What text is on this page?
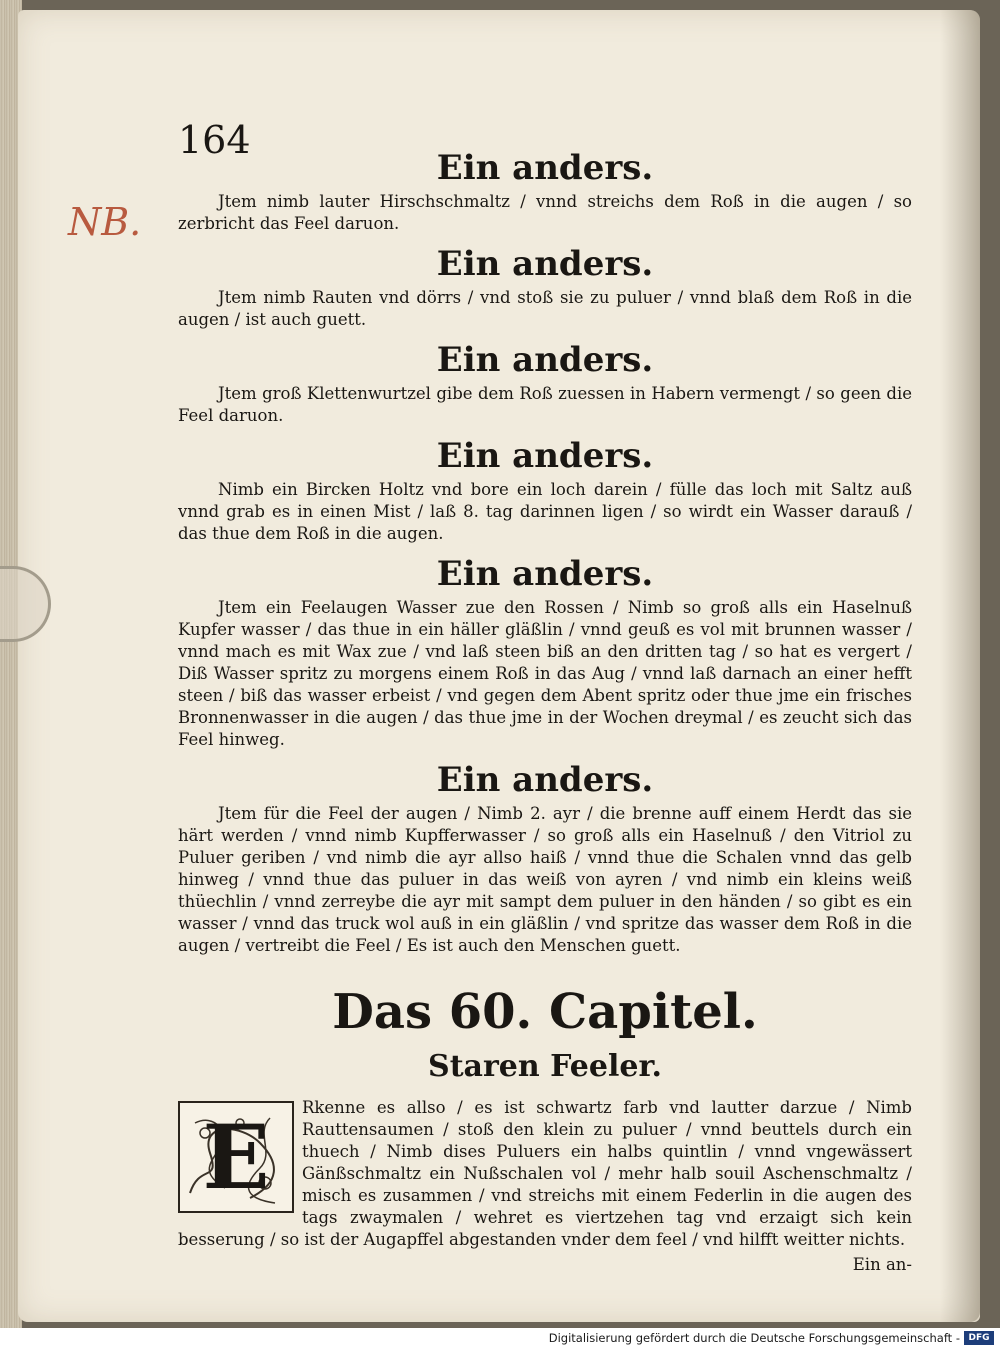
164
NB.
Ein anders.

Jtem nimb lauter Hirschschmaltz / vnnd streichs dem Roß in die augen / so zerbricht das Feel daruon.

Ein anders.

Jtem nimb Rauten vnd dörrs / vnd stoß sie zu puluer / vnnd blaß dem Roß in die augen / ist auch guett.

Ein anders.

Jtem groß Klettenwurtzel gibe dem Roß zuessen in Habern vermengt / so geen die Feel daruon.

Ein anders.

Nimb ein Bircken Holtz vnd bore ein loch darein / fülle das loch mit Saltz auß vnnd grab es in einen Mist / laß 8. tag darinnen ligen / so wirdt ein Wasser darauß / das thue dem Roß in die augen.

Ein anders.

Jtem ein Feelaugen Wasser zue den Rossen / Nimb so groß alls ein Haselnuß Kupfer wasser / das thue in ein häller gläßlin / vnnd geuß es vol mit brunnen wasser / vnnd mach es mit Wax zue / vnd laß steen biß an den dritten tag / so hat es vergert / Diß Wasser spritz zu morgens einem Roß in das Aug / vnnd laß darnach an einer hefft steen / biß das wasser erbeist / vnd gegen dem Abent spritz oder thue jme ein frisches Bronnenwasser in die augen / das thue jme in der Wochen dreymal / es zeucht sich das Feel hinweg.

Ein anders.

Jtem für die Feel der augen / Nimb 2. ayr / die brenne auff einem Herdt das sie härt werden / vnnd nimb Kupfferwasser / so groß alls ein Haselnuß / den Vitriol zu Puluer geriben / vnd nimb die ayr allso haiß / vnnd thue die Schalen vnnd das gelb hinweg / vnnd thue das puluer in das weiß von ayren / vnd nimb ein kleins weiß thüechlin / vnnd zerreybe die ayr mit sampt dem puluer in den händen / so gibt es ein wasser / vnnd das truck wol auß in ein gläßlin / vnd spritze das wasser dem Roß in die augen / vertreibt die Feel / Es ist auch den Menschen guett.

Das 60. Capitel.
Staren Feeler.
E	Rkenne es allso / es ist schwartz farb vnd lautter darzue / Nimb Rauttensaumen / stoß den klein zu puluer / vnnd beuttels durch ein thuech / Nimb dises Puluers ein halbs quintlin / vnnd vngewässert Gänßschmaltz ein Nußschalen vol / mehr halb souil Aschenschmaltz / misch es zusammen / vnd streichs mit einem Federlin in die augen des tags zwaymalen / wehret es viertzehen tag vnd erzaigt sich kein besserung / so ist der Augapffel abgestanden vnder dem feel / vnd hilfft weitter nichts.

Ein an-
Digitalisierung gefördert durch die Deutsche Forschungsgemeinschaft - DFG
